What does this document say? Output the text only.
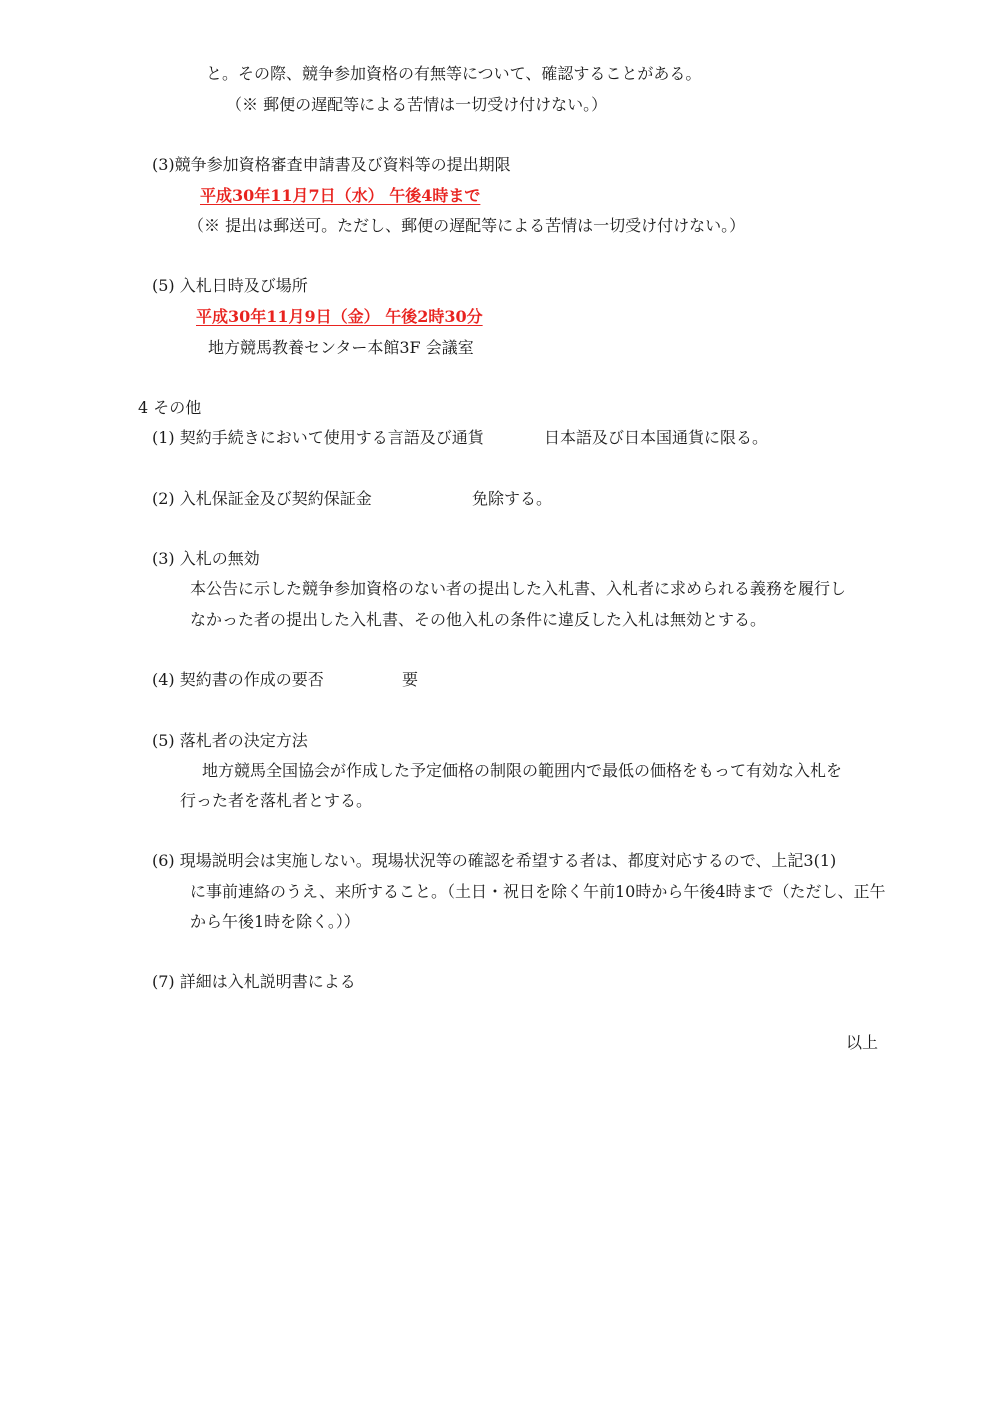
と。その際、競争参加資格の有無等について、確認することがある。
（※ 郵便の遅配等による苦情は一切受け付けない。）
(3)競争参加資格審査申請書及び資料等の提出期限
平成30年11月7日（水） 午後4時まで
（※ 提出は郵送可。ただし、郵便の遅配等による苦情は一切受け付けない。）
(5) 入札日時及び場所
平成30年11月9日（金） 午後2時30分
地方競馬教養センター本館3F 会議室
4 その他
(1) 契約手続きにおいて使用する言語及び通貨	日本語及び日本国通貨に限る。
(2) 入札保証金及び契約保証金	免除する。
(3) 入札の無効
本公告に示した競争参加資格のない者の提出した入札書、入札者に求められる義務を履行し
なかった者の提出した入札書、その他入札の条件に違反した入札は無効とする。
(4) 契約書の作成の要否	要
(5) 落札者の決定方法
地方競馬全国協会が作成した予定価格の制限の範囲内で最低の価格をもって有効な入札を
行った者を落札者とする。
(6) 現場説明会は実施しない。現場状況等の確認を希望する者は、都度対応するので、上記3(1)
に事前連絡のうえ、来所すること。（土日・祝日を除く午前10時から午後4時まで（ただし、正午
から午後1時を除く。））
(7) 詳細は入札説明書による
以上
